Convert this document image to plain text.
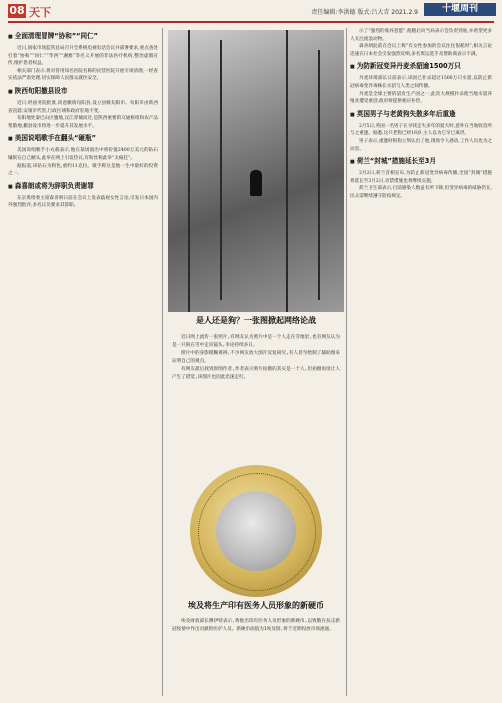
08 天下	责任编辑:李洪德 版式:吕大青 2021.2.9	十堰周刊
■ 全面清理冒牌“协和”“同仁”

近日,国家市场监管总局召开全系统电视电话会议并部署要求,重点查处打着“协和”“同仁”“华西”“湘雅”等名义开展的非法医疗机构,整治虚假宣传,维护患者权益。

相关部门表示,将对冒用知名医院名称的民营医院开展专项清理,一经查实依法严肃处理,切实保障人民群众就医安全。

■ 陕西旬阳撤县设市

近日,经国务院批准,同意撤销旬阳县,设立县级旬阳市。旬阳市由陕西省直辖,安康市代管,行政区域和政府驻地不变。

旬阳地处秦巴山区腹地,汉江穿城而过,是陕西重要的交通枢纽和农产品集散地,撤县设市将进一步提升其发展水平。

■ 美国说唱歌手在翻头“砸瓶”

美国说唱歌手小丸载表示,他在某场演出中将价值2400万美元的钻石镶嵌在自己额头,此举在网上引发热议,有粉丝称此举“太疯狂”。

据报道,该钻石为粉色,重约11克拉。歌手称这是他一生中最好的投资之一。

■ 森喜朗或将为辞职负责谢罪

东京奥组委主席森喜朗日前在会议上发表歧视女性言论,引发日本国内外强烈批评,多名议员要求其辞职。

是人还是狗？一张图掀起网络论战

近日网上流传一张照片,有网友认为照片中是一个人走在雪地里,也有网友认为是一只狗在雪中走向镜头,争论持续多日。

照片中的身影模糊难辨,不少网友放大图片反复研究,有人甚至绘制了辅助图来证明自己的观点。

有网友最后找到原图作者,作者表示照片拍摄的其实是一个人,但拍摄角度让人产生了错觉,该图片也因此迅速走红。

埃及将生产印有医务人员形象的新硬币

埃及财政部长穆伊特表示,将推出印有医务人员形象的新硬币,以致敬在抗击新冠疫情中作出贡献的医护人员。新硬币面值为1埃及镑,将于近期投放市场流通。

示了“强烈的收养意愿”,他随后向当局表示会负责到底,并希望更多人关注流浪动物。

森喜朗此前在会议上称“有女性参加的会议往往很耗时”,相关言论迅速在日本社会引发强烈反响,多名奥运选手及赞助商表示不满。

■ 为防新冠变异丹麦杀貂逾1500万只

丹麦环境部长日前表示,该国已扑杀超过1500万只水貂,以防止新冠病毒变异毒株在水貂与人类之间传播。

丹麦是全球主要的貂皮生产国之一,此次大规模扑杀使当地水貂养殖业遭受重创,政府将提供相应补偿。

■ 英国男子与老黄狗失散多年后重逢

2月5日,英国一名男子在寻找走失多年的爱犬时,意外在当地收容所与之重逢。据悉,这只老狗已经16岁,主人以为它早已离世。

男子表示,重逢时狗狗立刻认出了他,现场令人感动,工作人员也为之动容。

■ 荷兰“封城”措施延长至3月

2月2日,荷兰首相宣布,为防止新冠变异病毒传播,全国“封城”措施将延长至3月2日,宵禁措施也将继续实施。

荷兰卫生部表示,目前感染人数虽有所下降,但变异病毒的威胁仍在,民众需继续遵守防疫规定。
